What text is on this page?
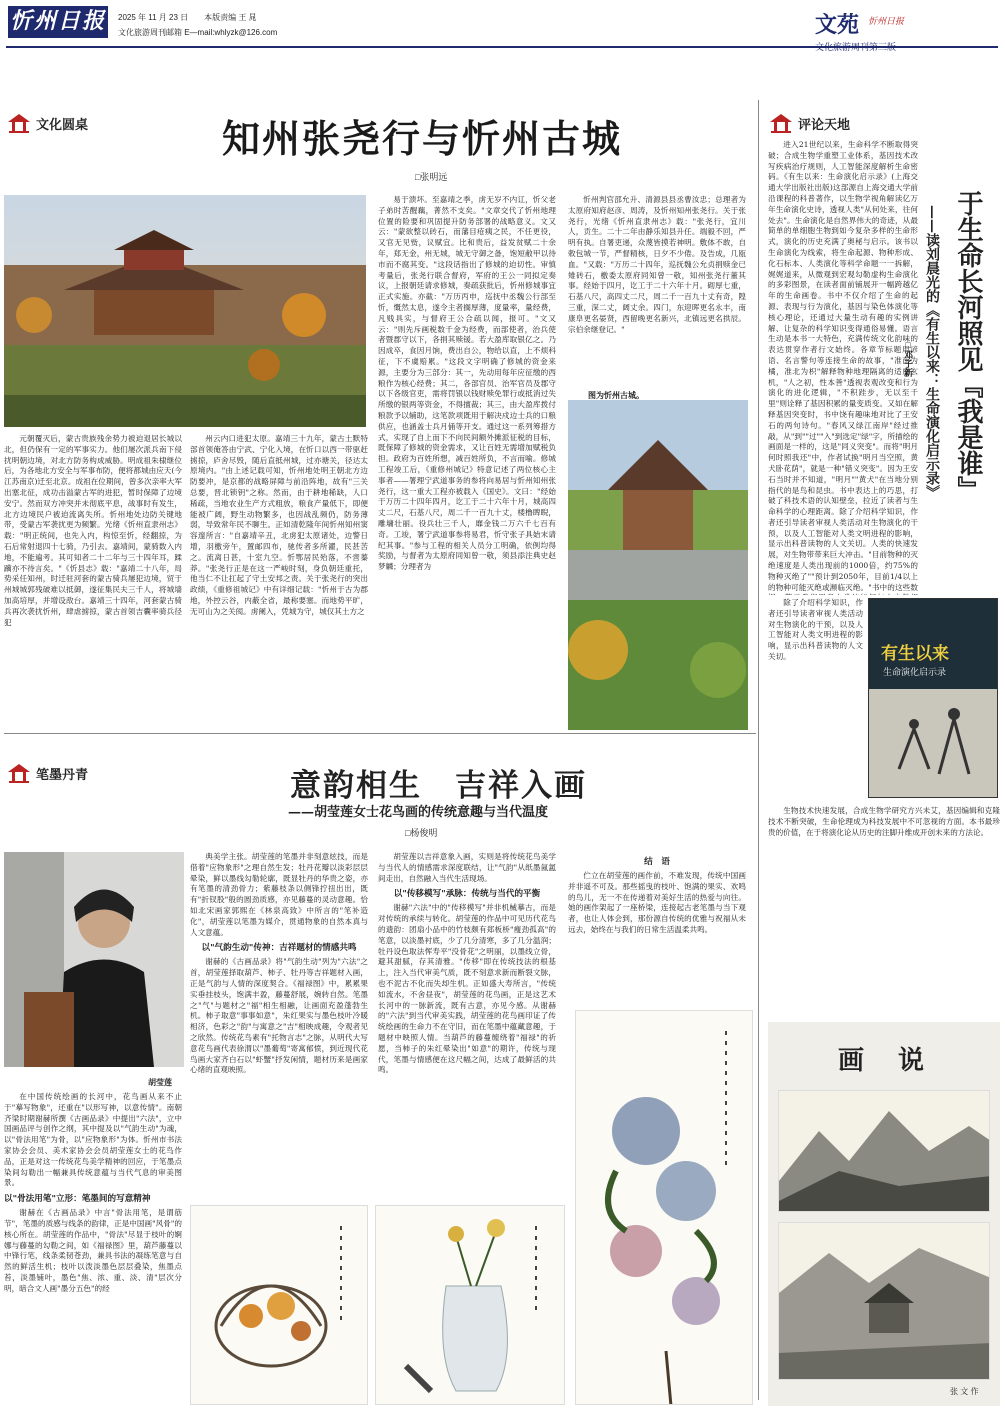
忻州日报 2025 年 11 月 23 日　　本版责编 王 晁
文化旅游周刊邮箱 E—mail:whlyzk@126.com	文苑 忻州日报
文化圆桌	知州张尧行与忻州古城
□张明远
图为忻州古城。

元朝覆灭后，蒙古贵族残余势力被迫退居长城以北，但仍保有一定的军事实力。他们屡次派兵南下侵扰明朝边境，对北方防务构成威胁。明成祖朱棣继位后，为各地北方安全与军事布防，便将都城由应天(今江苏南京)迁至北京。成祖在位期间，曾多次亲率大军出塞北征，成功击溢蒙古军的进犯，暂时保障了边境安宁。然而双方冲突并未彻底平息，战事时有发生，北方边境民户被迫流离失所。忻州地处边防关键地带，受蒙古军袭扰更为频繁。光绪《忻州直隶州志》载："明正统间，也先入内，构惊至忻，经翻掠，为石后常射退四十七骑，乃引去。嘉靖间，蒙骑数入内地，不能遍考。其可知者二十二年与三十四年耳，蹂躏亦不待言矣。"《忻县志》载："嘉靖二十八年，局势采任知州，时迁驻河套的蒙古骑兵屡犯边境，贸于州城城郭残破难以抵御，遂征集民夫三千人，将城墙加高培厚，并增设敌台。嘉靖三十四年，河套蒙古骑兵再次袭扰忻州，肆虐掳掠，蒙古首领吉囊率骑兵径犯

州云内口进犯太原。嘉靖三十九年，蒙古土默特部首领俺答由宁武、宁化入境，在忻口以西一带驱赶掳掠，庐舍尽毁，随后直抵州城，过亦塘关，径达太原境内。"由上述记载可知，忻州地处明王朝北方边防要冲，是京都的战略屏障与前沿阵地，故有"三关总要，晋北锁钥"之称。然而，由于耕地稀缺，人口稀疏，当地农业生产方式粗放，粮食产量低下，即便能被广阔，野生动物繁多，也因战乱频仍，防务薄弱，导致常年民不聊生。正如清乾隆年间忻州知州窦容邃所言："自嘉靖辛丑，北虏犯太原诸处，边警日增，羽檄旁午，置邮四布，驰传者多所濯，民甚苦之。流离日甚，十室九空。忻鄂居民殆落，不啻蓁莽。"张尧行正是在这一严峻时刻，身负朝廷重托，他当仁不让扛起了守土安邦之责。关于张尧行的突出政绩，《重修祖城记》中有详细记载："忻州于古为郡地，外控云谷，内蔽全省，最称要塞。而地势平旷，无可山为之关阂。虏阑入，凭城为守，城仅其土方之

易于溃坏。至嘉靖之季，虏无岁不内讧，忻父老子弟时苦醒藕，菁然不支矣。"文章交代了忻州地理位置的险要和巩固提升防务部署的战略意义。文又云："蒙欲整以砖石，而藩目疮痍之民，不任更役，又官无见赀，议赋宜。比和贵后，益发贫赋二十余年，郑无金，州无城，城无守御之备，饱短敝甲以待市而不腐其变。"这段话指出了修城的迫切性。审慎考量后，张尧行联合督府，军府的王公一同拟定奏议，上报朝廷请求修城，奏疏获批后，忻州修城事宜正式实施。亦截："万历丙申，巡抚中丞魏公行部至忻，慨然太息，遂令主者搁厚薄，度量率，量经费，凡贱具实，与督府王公合疏以闻，报可。"文又云："则先斥画税数千金为经费，而部使者，治兵使者暨郡守以下，各捐其赎锾。若大盈库取银亿之。乃因成卒，食因月饷，费出自公，物给以直，上不烦科征，下不虞赔累。"这段文字明确了修城的资金来源，主要分为三部分：其一，先动用每年应征缴的西粮作为核心经费；其二，各部官员、治军官员及郡守以下各级官吏，需将罚银以钱财赎免罪行或抵消过失所缴的银两等资金，不得擅裁；其三，由大盈库拨付粮款予以辅助，这笔款项既用于解决戍边士兵的口粮供应，也涵盖士兵月俑等开支。通过这一系列筹措方式，实现了自上而下不向民间额外摊派征税的目标，既保障了修城的资金需求，又让百姓无需增加赋税负担。政府为百姓所想，减百姓所负，不言而喻。修城工程竣工后，《重修州城记》特意记述了两位核心主事者——署理宁武道事务的参将向易居与忻州知州张尧行，这一重大工程亦被载入《国史》。文曰："经始于万历二十四年四月，讫工于二十六年十月，城高四丈二尺，石基八尺，周二千一百九十丈，楼橹睥睨，雕墉壮丽。役兵壮三千人，靡金钱二万六千七百有奇。工竣，署宁武道事参将易君，忻守张子具始末请纪其事。"参与工程的相关人员分工明确，依例均得奖励，与督者为太原府同知曾一敬，须县添注典史赵梦麟；分理者为

忻州判官邵允升、清源县县丞曹汝忠；总理者为太原府知府赵彦、周涛，及忻州知州张尧行。关于张尧行，光绪《忻州直隶州志》载："张尧行，宜川人，贡生。二十二年由静乐知县升任。端毅不回，严明有执。自署吏递，众蔑皆摸若神明。敷体不敢，自敕包城一节，严督精核，日夕不少倦。及告成，几瓯血。"又载："万历二十四年，巡抚魏公允贞捐赎金已雉砖石，檄委太原府同知曾一敬，知州张尧行董其事。经始于四月，讫工于二十六年十月。砌厚七重，石基八尺，高四丈二尺，周二千一百九十丈有奇，隍三重，深二丈，阔丈余。四门，东迎晖更名永丰，南康阜更名晏贤，西留晚更名新兴，北镇远更名拱辰。宗伯余继登记。"

评论天地
于生命长河照见『我是谁』
——读刘晨光的《有生以来：生命演化启示录》
□邓子新
有生以来
生命演化启示录

进入21世纪以来，生命科学不断取得突破；合成生物学重塑工业体系，基因技术改写疾病治疗规则，人工智能深度解析生命密码。《有生以来：生命演化启示录》(上海交通大学出版社出版)这部源自上海交通大学前沿课程的科普著作，以生物学视角解读亿万年生命演化史诗，透视人类"从何处来，往何处去"。生命演化是自然界伟大的奇迹，从最简单的单细胞生物到如今复杂多样的生命形式，演化的历史充满了奥秘与启示。该书以生命演化为线索，将生命起源、物种形成、化石标本、人类演化等科学命题一一拆解，娓娓道来，从微观到宏观勾勒虚构生命演化的多彩图景，在读者面前铺展开一幅跨越亿年的生命画卷。书中不仅介绍了生命的起源、表现与行为演化，基因与染色体演化等核心理论，还通过大量生动有趣的实例讲解、让复杂的科学知识变得通俗易懂。语言生动是本书一大特色，充满传统文化韵味的表达贯穿作者行文始终。各章节标题用谚语、名言警句等连接生命的故事，"准南为橘，准北为枳"解释物种地理隔离的适应玄机，"人之初，性本善"透视表观改变和行为演化的进化逻辑，"不积跬步，无以至千里"则诠释了基因积累的量变质变。又如在解释基因突变时，书中饶有趣味地对比了王安石的两句诗句。"春风又绿江南岸"经过推敲，从"到""过""入"到选定"绿"字，所描绘的画面是一样的，这是"同义突变"。而将"明月何时照我还"中，作者试换"明月当空照，黄犬卧花荫"，就是一种"错义突变"。因为王安石当时并不知道，"明月""黄犬"在当地分别指代的是鸟和昆虫。书中表达上的巧思，打破了科技术语的认知壁垒，拉近了读者与生命科学的心理距离。除了介绍科学知识，作者还引导读者审视人类活动对生物演化的干预，以及人工智能对人类文明进程的影响，显示出科普读物的人文关切。人类的快速发展，对生物带带来巨大冲击。"目前物种的灭绝速度是人类出现前的1000倍，约75%的物种灭绝了""预计到2050年，目前1/4以上的物种可能灭绝或濒临灭绝。"书中的这些数

除了介绍科学知识，作者还引导读者审视人类活动对生物演化的干预，以及人工智能对人类文明进程的影响，显示出科普读物的人文关切。

生物技术快速发展，合成生物学研究方兴未艾，基因编辑和克隆技术不断突破，生命伦理成为科技发展中不可忽视的方面。本书最珍贵的价值，在于将演化论从历史的注脚升维成开创未来的方法论。

画　说
张 文 作
笔墨丹青	意韵相生　吉祥入画
——胡莹莲女士花鸟画的传统意趣与当代温度
□杨俊明
胡莹莲

在中国传统绘画的长河中，花鸟画从来不止于"摹写物象"，还重在"以形写神，以意传情"。南朝齐梁时期谢赫所撰《古画品录》中提出"六法"，立中国画品评与创作之纲，其中提及以"气韵生动"为魂，以"骨法用笔"为骨，以"应物象形"为体。忻州市书法家协会会员、美术家协会会员胡莹莲女士的花鸟作品，正是对这一传统花鸟美学精神的回应，于笔墨点染间勾勒出一幅兼具传统意蕴与当代气息的审美图景。

以"骨法用笔"立形：笔墨间的写意精神

谢赫在《古画品录》中言"骨法用笔，是谓筋节"，笔墨的质感与线条的韵律，正是中国画"风骨"的核心所在。胡莹莲的作品中，"骨法"尽显于枝叶的婀娜与藤蔓的勾勒之间，如《福禄图》里，葫芦藤蔓以中锋行笔，线条柔韧苍劲，兼具书法的凝练笔意与自然的鲜活生机；枝叶以泼淡墨色层层叠染，焦墨点苔，淡墨铺叶，墨色"焦、浓、重、淡、清"层次分明，暗合文人画"墨分五色"的经

典美学主张。胡莹莲的笔墨并非刻意炫技，而是借着"应物象形"之理自然生发；牡丹花瓣以淡彩层层晕染，鲜以墨线勾勒轮廓，既显牡丹的华贵之姿，亦有笔墨的清劲骨力；紫藤枝条以侧锋拧扭出出，既有"折钗股"般的圆劲质感，亦见藤蔓的灵动意趣。恰如北宋画家郭熙在《林泉高致》中所言的"笔补造化"，胡莹莲以笔墨为媒介，贯通物象的自然本真与人文意蕴。

以"气韵生动"传神：吉祥题材的情感共鸣

谢赫的《古画品录》将"气韵生动"列为"六法"之首，胡莹莲择取葫芦、柿子、牡丹等吉祥题材入画，正是气韵与人情的深度契合。《福禄图》中，累累果实垂挂枝头，饱满丰盈，藤蔓舒展，婉转自然。笔墨之"气"与题材之"福"相生相融，让画面充盈蓬勃生机。柿子取意"事事如意"，朱红果实与墨色枝叶冷暖相济，色彩之"韵"与寓意之"吉"相映成趣，令观者见之欣然。传统花鸟素有"托物言志"之脉，从明代大写意花鸟画代表徐渭以"墨葡萄"寄寓郁愤，到近现代花鸟画大家齐白石以"虾蟹"抒发闲情，题材历来是画家心绪的直观映照。

胡莹莲以吉祥意象入画，实则是将传统花鸟美学与当代人的情感需求深度联结，让"气韵"从纸墨氤氲间走出，自然融入当代生活现场。

以"传移模写"承脉：传统与当代的平衡

谢赫"六法"中的"传移模写"并非机械摹古，而是对传统的承续与转化。胡莹莲的作品中可见历代花鸟的遗韵：团扇小品中的竹枝颇有郑板桥"瘦劲孤高"的笔意，以淡墨衬底，少了几分清寒，多了几分温润；牡丹设色取法恽寿平"没骨花"之明丽，以墨线立骨，避其甜腻，存其清雅。"传移"即在传统技法的根基上，注入当代审美气质，既不刻意求新而断裂文脉，也不泥古不化而失却生机。正如盛大寿所言，"传统如流水，不舍昼夜"，胡莹莲的花鸟画，正是这艺术长河中的一脉新流，既有古意，亦见今感。从谢赫的"六法"到当代审美实践，胡莹莲的花鸟画印证了传统绘画的生命力不在守旧，而在笔墨中蕴藏意趣，于题材中映照人情。当葫芦的藤蔓缠绕着"福禄"的祈愿，当柿子的朱红晕染出"如意"的期许，传统与现代，笔墨与情感便在这尺幅之间，达成了最鲜活的共鸣。

结　语

伫立在胡莹莲的画作前，不难发现，传统中国画并非遥不可及。那些摇曳的枝叶、饱满的果实、欢鸣的鸟儿，无一不在传递着对美好生活的热爱与向往。她的画作架起了一座桥梁，连接起古老笔墨与当下观者，也让人体会到，那份源自传统的优雅与祝福从未远去，始终在与我们的日常生活温柔共鸣。
